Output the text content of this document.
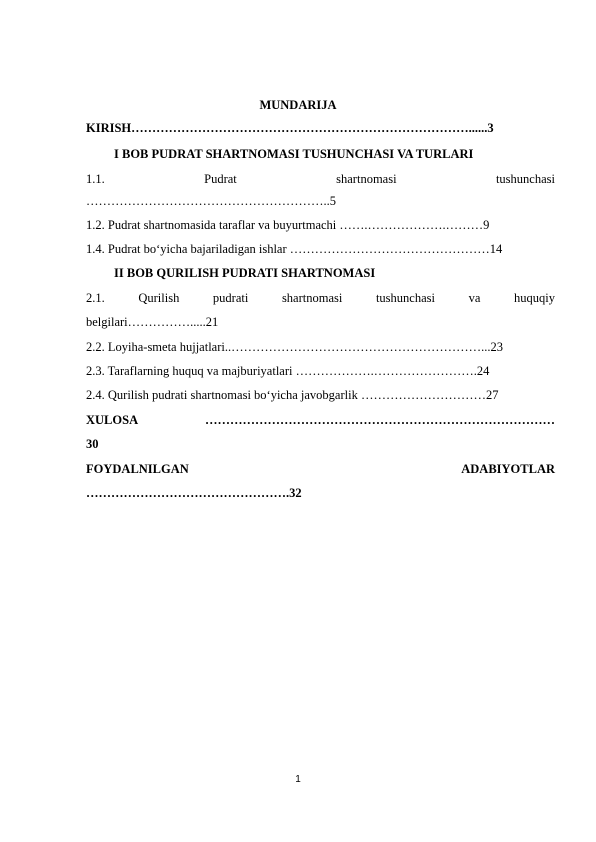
MUNDARIJA
KIRISH………………………………………………………………………......3
I BOB PUDRAT SHARTNOMASI TUSHUNCHASI VA TURLARI
1.1.	Pudrat	shartnomasi	tushunchasi
…………………………………………………..5
1.2. Pudrat shartnomasida taraflar va buyurtmachi …….……………….………9
1.4. Pudrat bo‘yicha bajariladigan ishlar …………………………………………14
II BOB QURILISH PUDRATI SHARTNOMASI
2.1.	Qurilish	pudrati	shartnomasi	tushunchasi	va	huquqiy
belgilari…………….....21
2.2. Loyiha-smeta hujjatlari..……………………………………………………...23
2.3. Taraflarning huquq va majburiyatlari ……………….…………………….24
2.4. Qurilish pudrati shartnomasi bo‘yicha javobgarlik …………………………27
XULOSA	…………………………………………………………………………
30
FOYDALNILGAN	ADABIYOTLAR
………………………………………….32
1
